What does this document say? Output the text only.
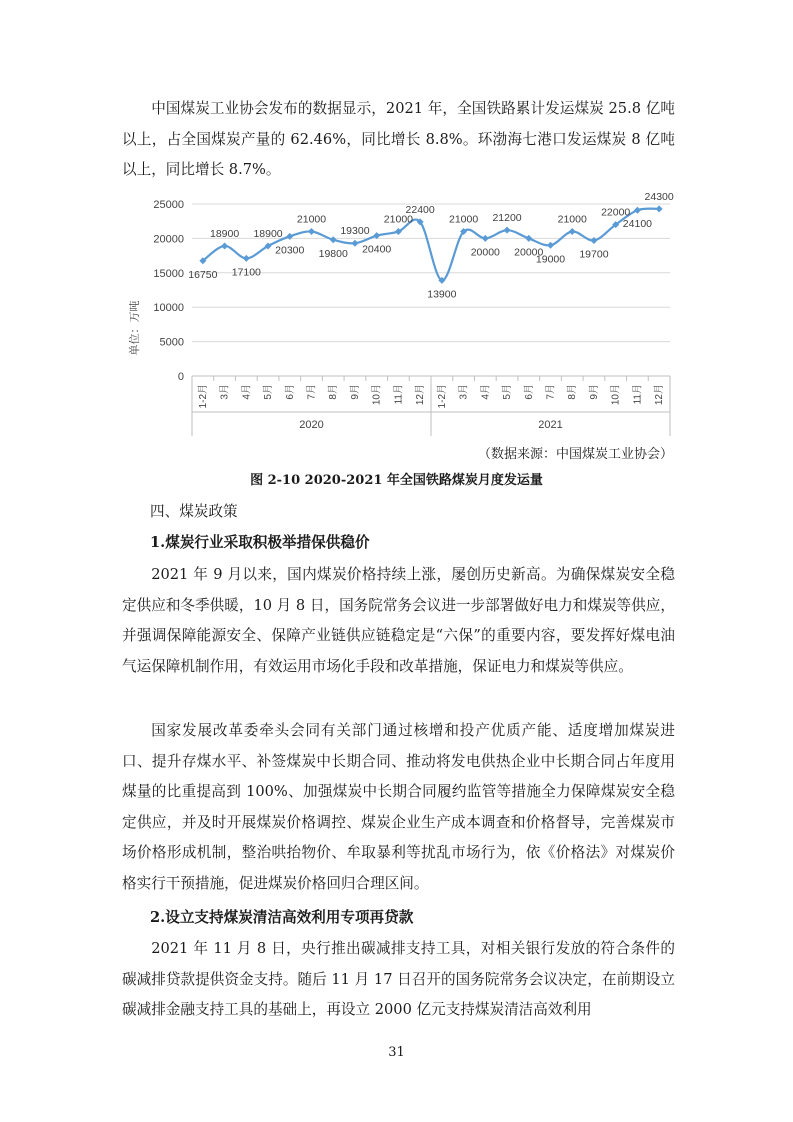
中国煤炭工业协会发布的数据显示，2021 年，全国铁路累计发运煤炭 25.8 亿吨以上，占全国煤炭产量的 62.46%，同比增长 8.8%。环渤海七港口发运煤炭 8 亿吨以上，同比增长 8.7%。

0
5000
10000
15000
20000
25000
1-2月 3月 4月 5月 6月 7月 8月 9月 10月 11月 12月 1-2月 3月 4月 5月 6月 7月 8月 9月 10月 11月 12月
2020	2021
16750
18900
17100
18900
20300
21000
19800
19300
20400
21000
22400
13900
21000
20000
21200
20000
19000
21000
19700
22000
24100
24300
单位：万吨
（数据来源：中国煤炭工业协会）
图 2-10 2020-2021 年全国铁路煤炭月度发运量
四、煤炭政策
1.煤炭行业采取积极举措保供稳价

2021 年 9 月以来，国内煤炭价格持续上涨，屡创历史新高。为确保煤炭安全稳定供应和冬季供暖，10 月 8 日，国务院常务会议进一步部署做好电力和煤炭等供应，并强调保障能源安全、保障产业链供应链稳定是“六保”的重要内容，要发挥好煤电油气运保障机制作用，有效运用市场化手段和改革措施，保证电力和煤炭等供应。

国家发展改革委牵头会同有关部门通过核增和投产优质产能、适度增加煤炭进口、提升存煤水平、补签煤炭中长期合同、推动将发电供热企业中长期合同占年度用煤量的比重提高到 100%、加强煤炭中长期合同履约监管等措施全力保障煤炭安全稳定供应，并及时开展煤炭价格调控、煤炭企业生产成本调查和价格督导，完善煤炭市场价格形成机制，整治哄抬物价、牟取暴利等扰乱市场行为，依《价格法》对煤炭价格实行干预措施，促进煤炭价格回归合理区间。

2.设立支持煤炭清洁高效利用专项再贷款

2021 年 11 月 8 日，央行推出碳减排支持工具，对相关银行发放的符合条件的碳减排贷款提供资金支持。随后 11 月 17 日召开的国务院常务会议决定，在前期设立碳减排金融支持工具的基础上，再设立 2000 亿元支持煤炭清洁高效利用

31
